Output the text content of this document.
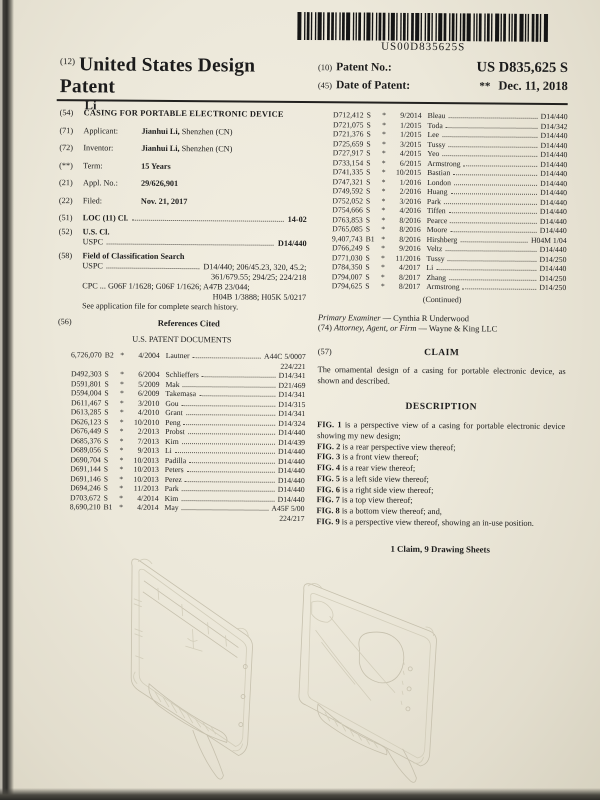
US00D835625S
$^{(12)}$ United States Design Patent
Li
(10) Patent No.:	US D835,625 S
(45) Date of Patent:	** Dec. 11, 2018
(54)	CASING FOR PORTABLE ELECTRONIC DEVICE
(71)	Applicant:	Jianhui Li, Shenzhen (CN)
(72)	Inventor:	Jianhui Li, Shenzhen (CN)
(**)	Term:	15 Years
(21)	Appl. No.:	29/626,901
(22)	Filed:	Nov. 21, 2017
(51)	LOC (11) Cl.	14-02
(52)	U.S. Cl.
USPC	D14/440
(58)	Field of Classification Search
USPC	D14/440; 206/45.23, 320, 45.2;
361/679.55; 294/25; 224/218
CPC ... G06F 1/1628; G06F 1/1626; A47B 23/044;
H04B 1/3888; H05K 5/0217
See application file for complete search history.
(56)	References Cited
U.S. PATENT DOCUMENTS
6,726,070 B2 *	4/2004 Lautner	A44C 5/0007
224/221
D492,303 S	*	6/2004 Schlieffers	D14/341
D591,801 S	*	5/2009 Mak	D21/469
D594,004 S	*	6/2009 Takemasa	D14/341
D611,467 S	*	3/2010 Gou	D14/315
D613,285 S	*	4/2010 Grant	D14/341
D626,123 S	*	10/2010 Peng	D14/324
D676,449 S	*	2/2013 Probst	D14/440
D685,376 S	*	7/2013 Kim	D14/439
D689,056 S	*	9/2013 Li	D14/440
D690,704 S	*	10/2013 Padilla	D14/440
D691,144 S	*	10/2013 Peters	D14/440
D691,146 S	*	10/2013 Perez	D14/440
D694,246 S	*	11/2013 Park	D14/440
D703,672 S	*	4/2014 Kim	D14/440
8,690,210 B1 *	4/2014 May	A45F 5/00
224/217
D712,412 S	*	9/2014 Bleau	D14/440
D721,075 S	*	1/2015 Toda	D14/342
D721,376 S	*	1/2015 Lee	D14/440
D725,659 S	*	3/2015 Tussy	D14/440
D727,917 S	*	4/2015 Yeo	D14/440
D733,154 S	*	6/2015 Armstrong	D14/440
D741,335 S	*	10/2015 Bastian	D14/440
D747,321 S	*	1/2016 London	D14/440
D749,592 S	*	2/2016 Huang	D14/440
D752,052 S	*	3/2016 Park	D14/440
D754,666 S	*	4/2016 Tiffen	D14/440
D763,853 S	*	8/2016 Pearce	D14/440
D765,085 S	*	8/2016 Moore	D14/440
9,407,743 B1 *	8/2016 Hirshberg	H04M 1/04
D766,249 S	*	9/2016 Veltz	D14/440
D771,030 S	*	11/2016 Tussy	D14/250
D784,350 S	*	4/2017 Li	D14/440
D794,007 S	*	8/2017 Zhang	D14/250
D794,625 S	*	8/2017 Armstrong	D14/250
(Continued)
Primary Examiner — Cynthia R Underwood
(74) Attorney, Agent, or Firm — Wayne & King LLC
(57)	CLAIM
The ornamental design of a casing for portable electronic device, as shown and described.
DESCRIPTION
FIG. 1 is a perspective view of a casing for portable electronic device showing my new design;
FIG. 2 is a rear perspective view thereof;
FIG. 3 is a front view thereof;
FIG. 4 is a rear view thereof;
FIG. 5 is a left side view thereof;
FIG. 6 is a right side view thereof;
FIG. 7 is a top view thereof;
FIG. 8 is a bottom view thereof; and,
FIG. 9 is a perspective view thereof, showing an in-use position.
1 Claim, 9 Drawing Sheets
